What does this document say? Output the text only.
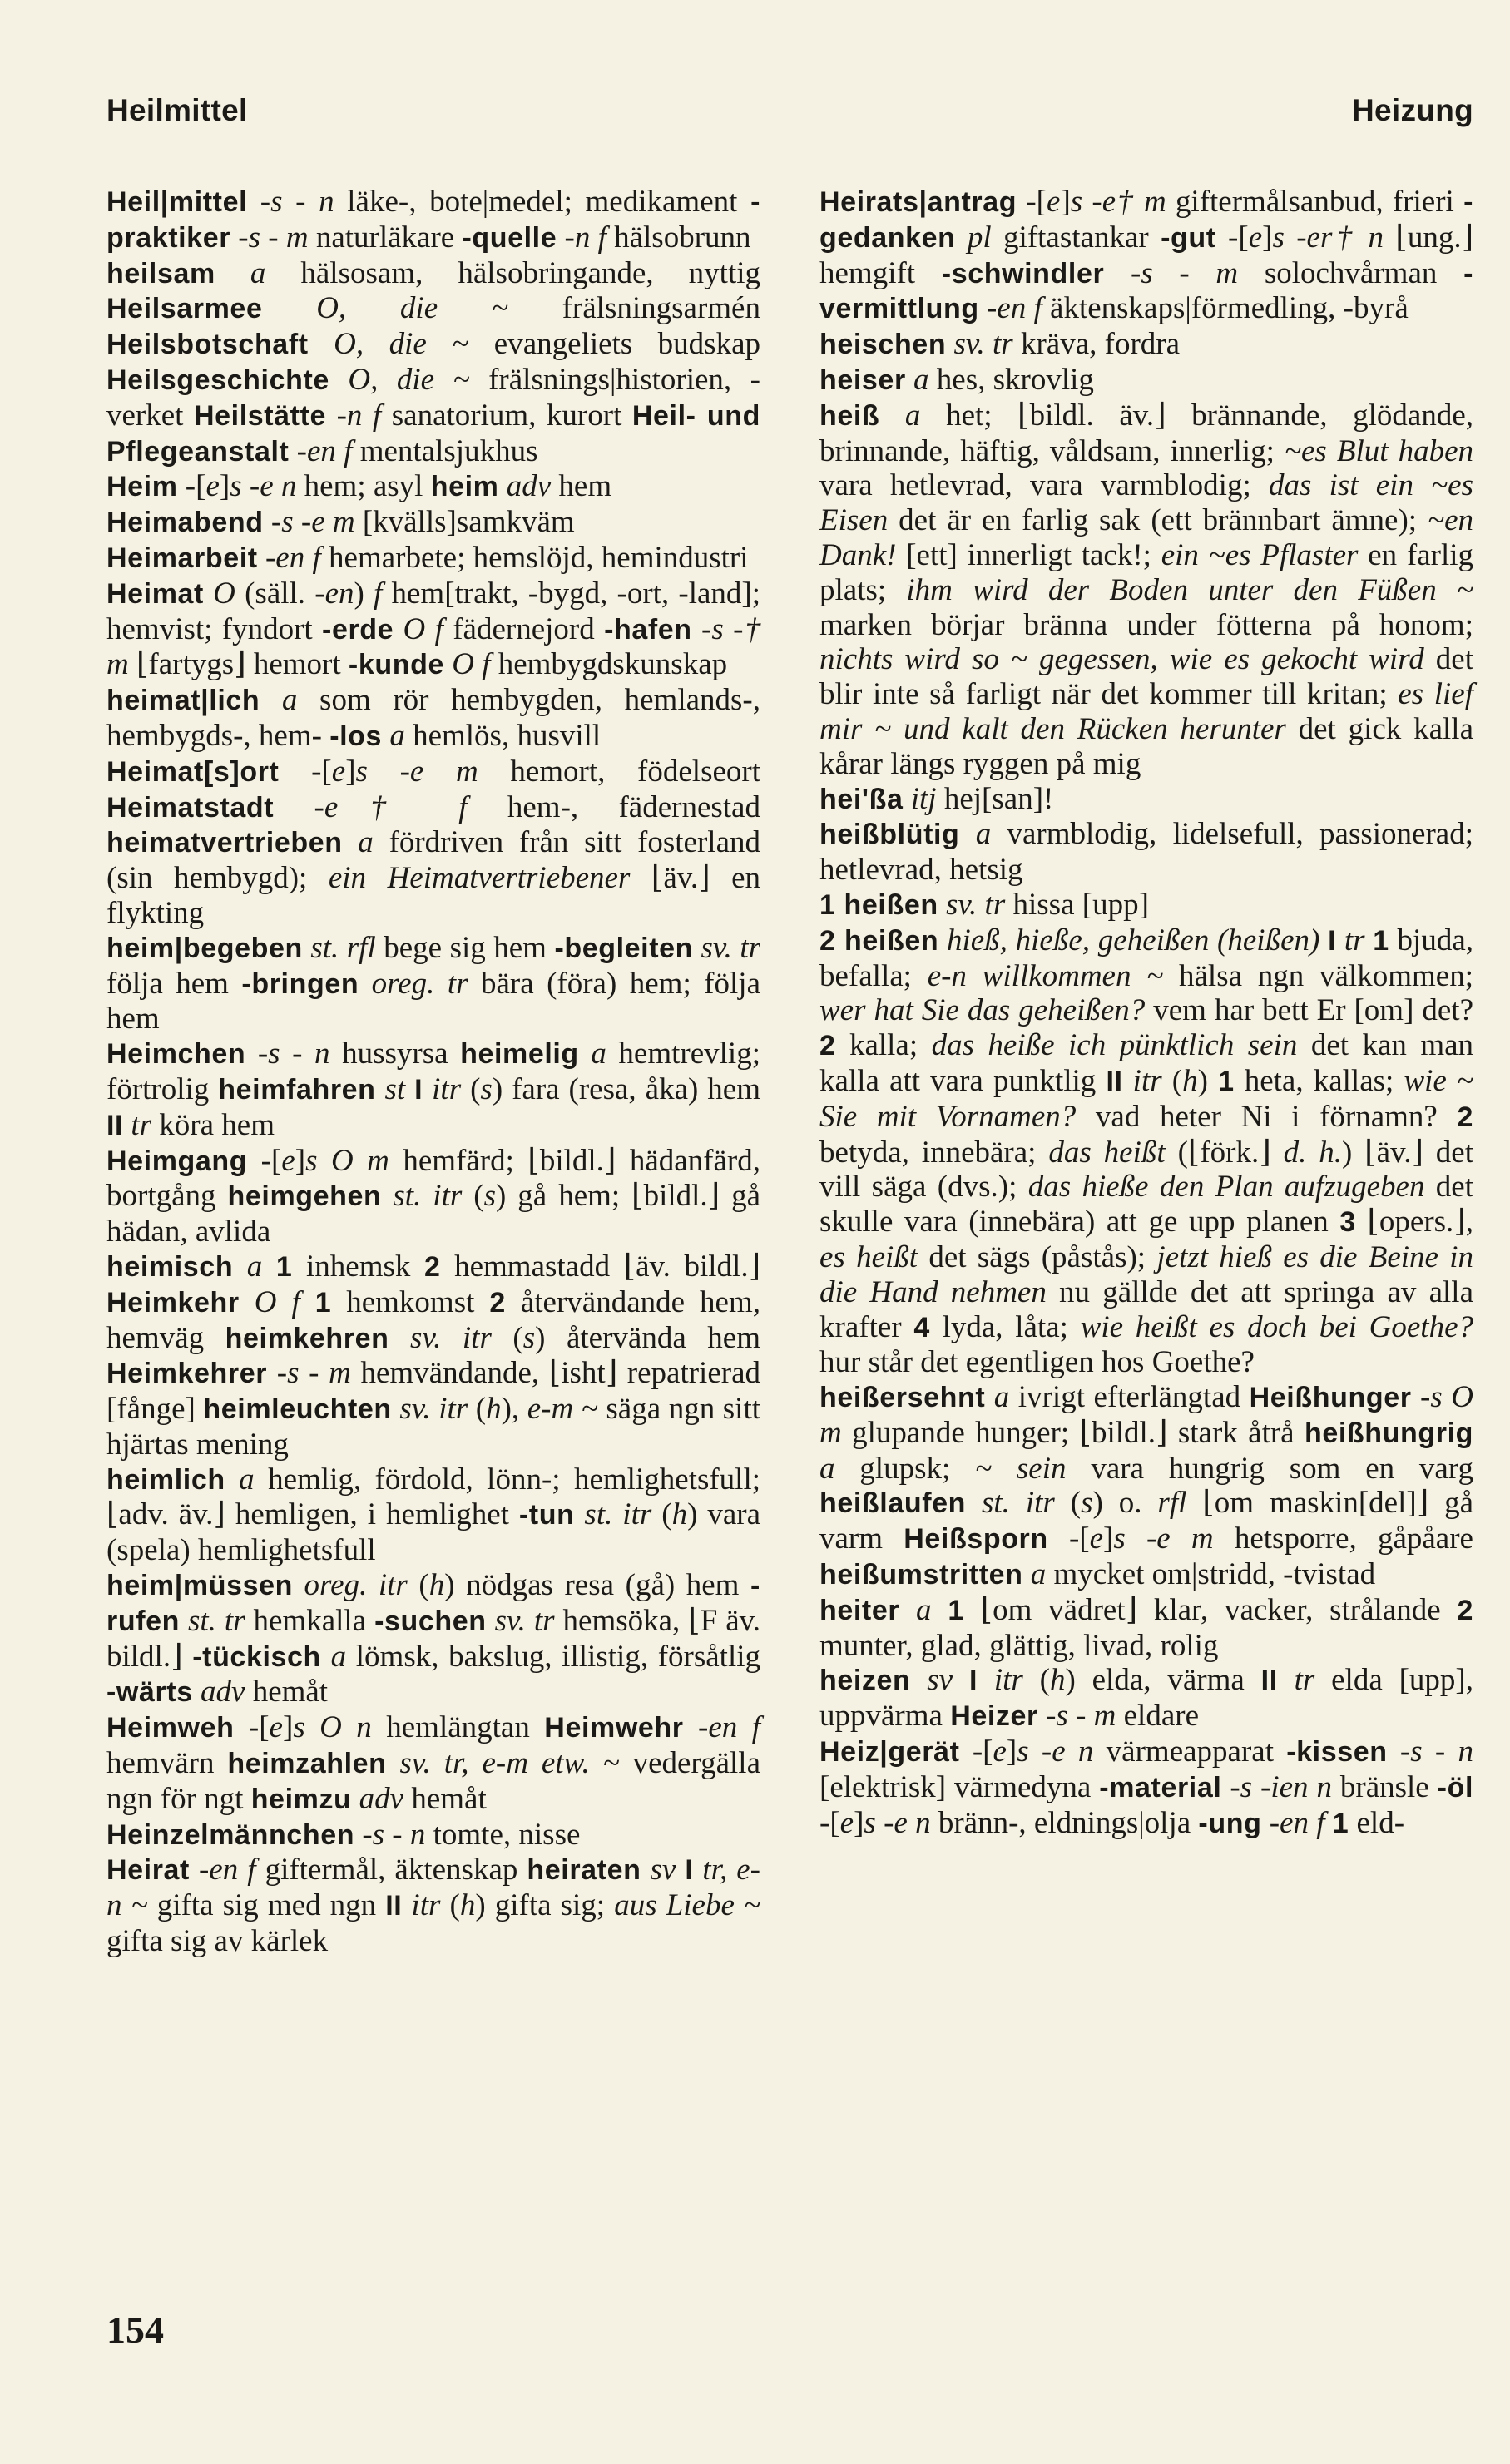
Heilmittel	Heizung

Heil|mittel -s - n läke-, bote|medel; medikament -praktiker -s - m naturläkare -quelle -n f hälsobrunn

heilsam a hälsosam, hälsobringande, nyttig Heilsarmee O, die ~ frälsningsarmén Heilsbotschaft O, die ~ evangeliets budskap Heilsgeschichte O, die ~ frälsnings|historien, -verket Heilstätte -n f sanatorium, kurort Heil- und Pflegeanstalt -en f mentalsjukhus

Heim -[e]s -e n hem; asyl heim adv hem

Heimabend -s -e m [kvälls]samkväm

Heimarbeit -en f hemarbete; hemslöjd, hemindustri

Heimat O (säll. -en) f hem[trakt, -bygd, -ort, -land]; hemvist; fyndort -erde O f fädernejord -hafen -s -† m ⌊fartygs⌋ hemort -kunde O f hembygdskunskap

heimat|lich a som rör hembygden, hemlands-, hembygds-, hem- -los a hemlös, husvill

Heimat[s]ort -[e]s -e m hemort, födelseort Heimatstadt -e† f hem-, fädernestad heimatvertrieben a fördriven från sitt fosterland (sin hembygd); ein Heimatvertriebener ⌊äv.⌋ en flykting

heim|begeben st. rfl bege sig hem -begleiten sv. tr följa hem -bringen oreg. tr bära (föra) hem; följa hem

Heimchen -s - n hussyrsa heimelig a hemtrevlig; förtrolig heimfahren st I itr (s) fara (resa, åka) hem II tr köra hem

Heimgang -[e]s O m hemfärd; ⌊bildl.⌋ hädanfärd, bortgång heimgehen st. itr (s) gå hem; ⌊bildl.⌋ gå hädan, avlida

heimisch a 1 inhemsk 2 hemmastadd ⌊äv. bildl.⌋ Heimkehr O f 1 hemkomst 2 återvändande hem, hemväg heimkehren sv. itr (s) återvända hem Heimkehrer -s - m hemvändande, ⌊isht⌋ repatrierad [fånge] heimleuchten sv. itr (h), e-m ~ säga ngn sitt hjärtas mening

heimlich a hemlig, fördold, lönn-; hemlighetsfull; ⌊adv. äv.⌋ hemligen, i hemlighet -tun st. itr (h) vara (spela) hemlighetsfull

heim|müssen oreg. itr (h) nödgas resa (gå) hem -rufen st. tr hemkalla -suchen sv. tr hemsöka, ⌊F äv. bildl.⌋ -tückisch a lömsk, bakslug, illistig, försåtlig -wärts adv hemåt

Heimweh -[e]s O n hemlängtan Heimwehr -en f hemvärn heimzahlen sv. tr, e-m etw. ~ vedergälla ngn för ngt heimzu adv hemåt

Heinzelmännchen -s - n tomte, nisse

Heirat -en f giftermål, äktenskap heiraten sv I tr, e-n ~ gifta sig med ngn II itr (h) gifta sig; aus Liebe ~ gifta sig av kärlek

Heirats|antrag -[e]s -e† m giftermålsanbud, frieri -gedanken pl giftastankar -gut -[e]s -er† n ⌊ung.⌋ hemgift -schwindler -s - m solochvårman -vermittlung -en f äktenskaps|förmedling, -byrå

heischen sv. tr kräva, fordra

heiser a hes, skrovlig

heiß a het; ⌊bildl. äv.⌋ brännande, glödande, brinnande, häftig, våldsam, innerlig; ~es Blut haben vara hetlevrad, vara varmblodig; das ist ein ~es Eisen det är en farlig sak (ett brännbart ämne); ~en Dank! [ett] innerligt tack!; ein ~es Pflaster en farlig plats; ihm wird der Boden unter den Füßen ~ marken börjar bränna under fötterna på honom; nichts wird so ~ gegessen, wie es gekocht wird det blir inte så farligt när det kommer till kritan; es lief mir ~ und kalt den Rücken herunter det gick kalla kårar längs ryggen på mig

hei'ßa itj hej[san]!

heißblütig a varmblodig, lidelsefull, passionerad; hetlevrad, hetsig

1 heißen sv. tr hissa [upp]

2 heißen hieß, hieße, geheißen (heißen) I tr 1 bjuda, befalla; e-n willkommen ~ hälsa ngn välkommen; wer hat Sie das geheißen? vem har bett Er [om] det? 2 kalla; das heiße ich pünktlich sein det kan man kalla att vara punktlig II itr (h) 1 heta, kallas; wie ~ Sie mit Vornamen? vad heter Ni i förnamn? 2 betyda, innebära; das heißt (⌊förk.⌋ d. h.) ⌊äv.⌋ det vill säga (dvs.); das hieße den Plan aufzugeben det skulle vara (innebära) att ge upp planen 3 ⌊opers.⌋, es heißt det sägs (påstås); jetzt hieß es die Beine in die Hand nehmen nu gällde det att springa av alla krafter 4 lyda, låta; wie heißt es doch bei Goethe? hur står det egentligen hos Goethe?

heißersehnt a ivrigt efterlängtad Heißhunger -s O m glupande hunger; ⌊bildl.⌋ stark åtrå heißhungrig a glupsk; ~ sein vara hungrig som en varg heißlaufen st. itr (s) o. rfl ⌊om maskin[del]⌋ gå varm Heißsporn -[e]s -e m hetsporre, gåpåare heißumstritten a mycket om|stridd, -tvistad

heiter a 1 ⌊om vädret⌋ klar, vacker, strålande 2 munter, glad, glättig, livad, rolig

heizen sv I itr (h) elda, värma II tr elda [upp], uppvärma Heizer -s - m eldare

Heiz|gerät -[e]s -e n värmeapparat -kissen -s - n [elektrisk] värmedyna -material -s -ien n bränsle -öl -[e]s -e n bränn-, eldnings|olja -ung -en f 1 eld-

154
